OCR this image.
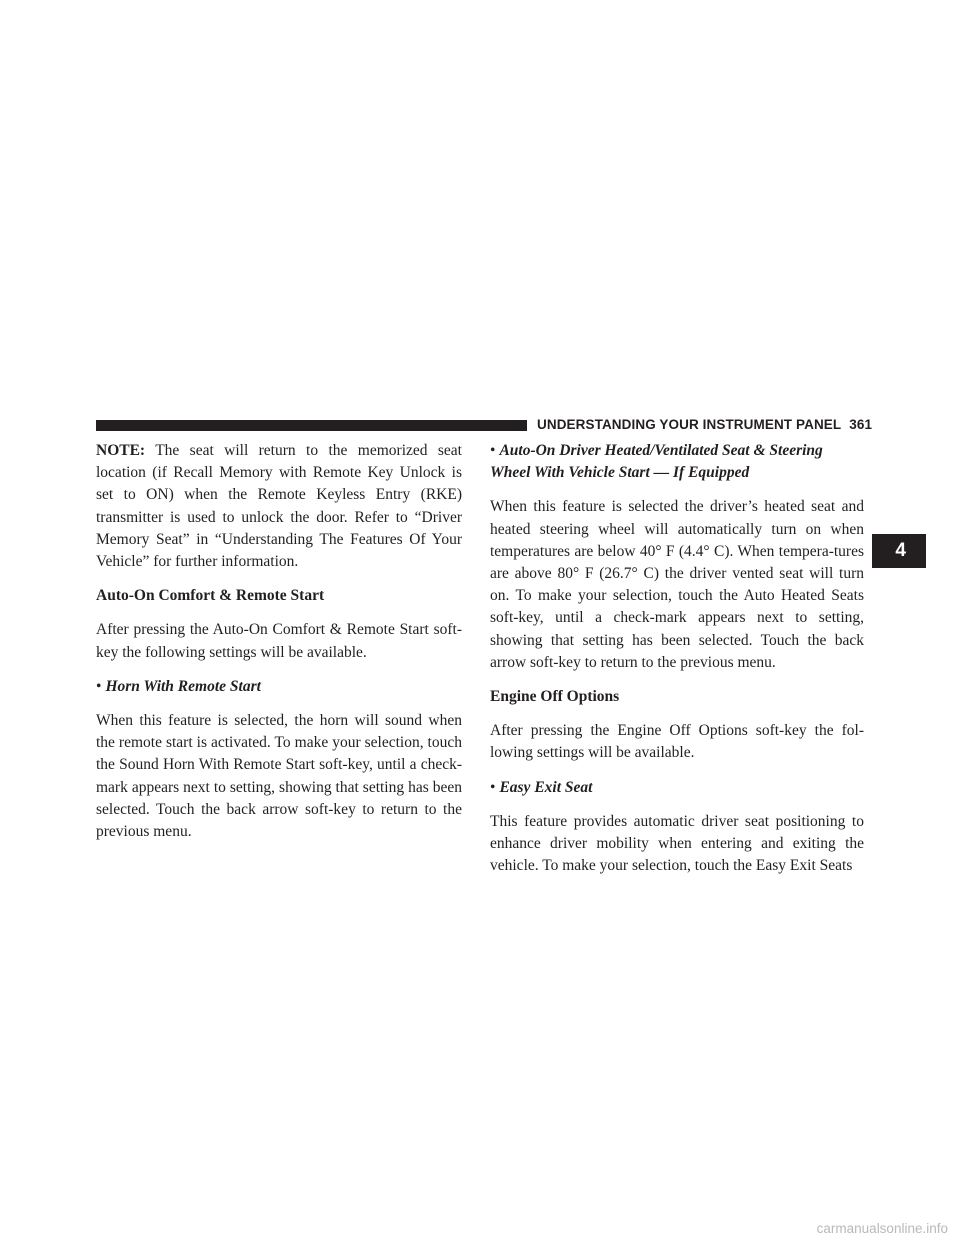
UNDERSTANDING YOUR INSTRUMENT PANEL 361

NOTE: The seat will return to the memorized seat location (if Recall Memory with Remote Key Unlock is set to ON) when the Remote Keyless Entry (RKE) transmitter is used to unlock the door. Refer to “Driver Memory Seat” in “Understanding The Features Of Your Vehicle” for further information.

Auto-On Comfort & Remote Start

After pressing the Auto-On Comfort & Remote Start soft-key the following settings will be available.

• Horn With Remote Start

When this feature is selected, the horn will sound when the remote start is activated. To make your selection, touch the Sound Horn With Remote Start soft-key, until a check-mark appears next to setting, showing that setting has been selected. Touch the back arrow soft-key to return to the previous menu.

• Auto-On Driver Heated/Ventilated Seat & Steering
Wheel With Vehicle Start — If Equipped

When this feature is selected the driver’s heated seat and heated steering wheel will automatically turn on when temperatures are below 40° F (4.4° C). When tempera-tures are above 80° F (26.7° C) the driver vented seat will turn on. To make your selection, touch the Auto Heated Seats soft-key, until a check-mark appears next to setting, showing that setting has been selected. Touch the back arrow soft-key to return to the previous menu.

Engine Off Options

After pressing the Engine Off Options soft-key the fol-lowing settings will be available.

• Easy Exit Seat

This feature provides automatic driver seat positioning to enhance driver mobility when entering and exiting the vehicle. To make your selection, touch the Easy Exit Seats

4
carmanualsonline.info
